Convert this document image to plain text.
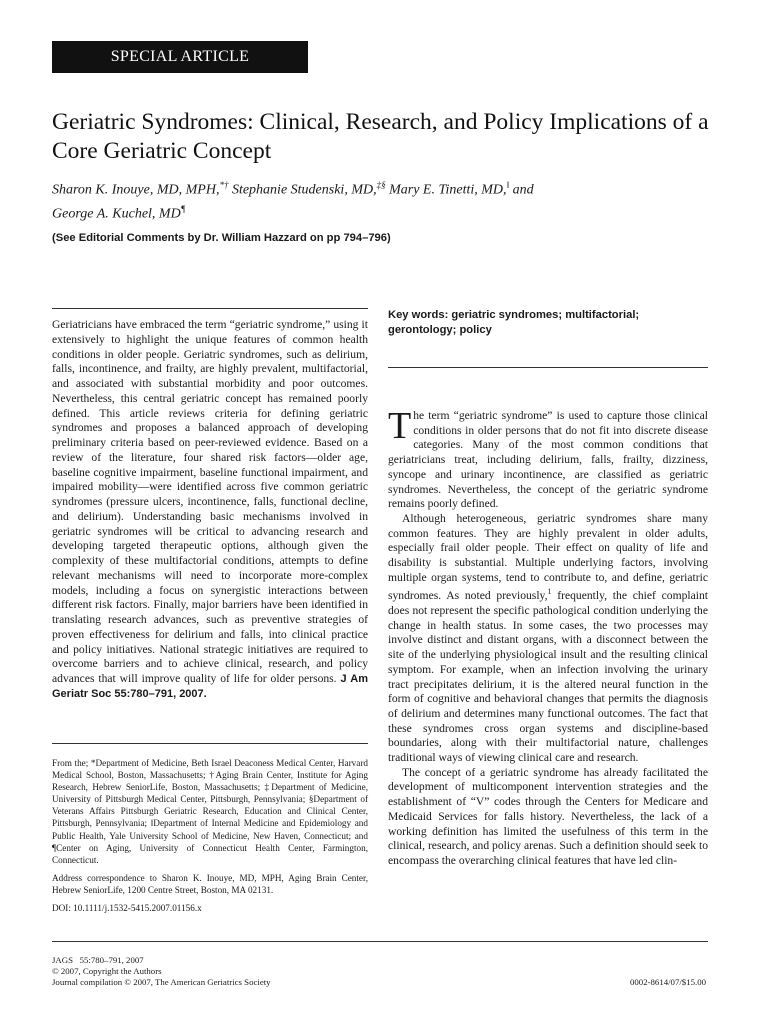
SPECIAL ARTICLE
Geriatric Syndromes: Clinical, Research, and Policy Implications of a Core Geriatric Concept
Sharon K. Inouye, MD, MPH,*† Stephanie Studenski, MD,‡§ Mary E. Tinetti, MD,‖ and
George A. Kuchel, MD¶
(See Editorial Comments by Dr. William Hazzard on pp 794–796)

Geriatricians have embraced the term “geriatric syndrome,” using it extensively to highlight the unique features of common health conditions in older people. Geriatric syndromes, such as delirium, falls, incontinence, and frailty, are highly prevalent, multifactorial, and associated with substantial morbidity and poor outcomes. Nevertheless, this central geriatric concept has remained poorly defined. This article reviews criteria for defining geriatric syndromes and proposes a balanced approach of developing preliminary criteria based on peer-reviewed evidence. Based on a review of the literature, four shared risk factors—older age, baseline cognitive impairment, baseline functional impairment, and impaired mobility—were identified across five common geriatric syndromes (pressure ulcers, incontinence, falls, functional decline, and delirium). Understanding basic mechanisms involved in geriatric syndromes will be critical to advancing research and developing targeted therapeutic options, although given the complexity of these multifactorial conditions, attempts to define relevant mechanisms will need to incorporate more-complex models, including a focus on synergistic interactions between different risk factors. Finally, major barriers have been identified in translating research advances, such as preventive strategies of proven effectiveness for delirium and falls, into clinical practice and policy initiatives. National strategic initiatives are required to overcome barriers and to achieve clinical, research, and policy advances that will improve quality of life for older persons. J Am Geriatr Soc 55:780–791, 2007.

From the; *Department of Medicine, Beth Israel Deaconess Medical Center, Harvard Medical School, Boston, Massachusetts; †Aging Brain Center, Institute for Aging Research, Hebrew SeniorLife, Boston, Massachusetts; ‡Department of Medicine, University of Pittsburgh Medical Center, Pittsburgh, Pennsylvania; §Department of Veterans Affairs Pittsburgh Geriatric Research, Education and Clinical Center, Pittsburgh, Pennsylvania; ‖Department of Internal Medicine and Epidemiology and Public Health, Yale University School of Medicine, New Haven, Connecticut; and ¶Center on Aging, University of Connecticut Health Center, Farmington, Connecticut.

Address correspondence to Sharon K. Inouye, MD, MPH, Aging Brain Center, Hebrew SeniorLife, 1200 Centre Street, Boston, MA 02131.

DOI: 10.1111/j.1532-5415.2007.01156.x

Key words: geriatric syndromes; multifactorial; gerontology; policy

The term “geriatric syndrome” is used to capture those clinical conditions in older persons that do not fit into discrete disease categories. Many of the most common conditions that geriatricians treat, including delirium, falls, frailty, dizziness, syncope and urinary incontinence, are classified as geriatric syndromes. Nevertheless, the concept of the geriatric syndrome remains poorly defined.

Although heterogeneous, geriatric syndromes share many common features. They are highly prevalent in older adults, especially frail older people. Their effect on quality of life and disability is substantial. Multiple underlying factors, involving multiple organ systems, tend to contribute to, and define, geriatric syndromes. As noted previously,$^1$ frequently, the chief complaint does not represent the specific pathological condition underlying the change in health status. In some cases, the two processes may involve distinct and distant organs, with a disconnect between the site of the underlying physiological insult and the resulting clinical symptom. For example, when an infection involving the urinary tract precipitates delirium, it is the altered neural function in the form of cognitive and behavioral changes that permits the diagnosis of delirium and determines many functional outcomes. The fact that these syndromes cross organ systems and discipline-based boundaries, along with their multifactorial nature, challenges traditional ways of viewing clinical care and research.

The concept of a geriatric syndrome has already facilitated the development of multicomponent intervention strategies and the establishment of “V” codes through the Centers for Medicare and Medicaid Services for falls history. Nevertheless, the lack of a working definition has limited the usefulness of this term in the clinical, research, and policy arenas. Such a definition should seek to encompass the overarching clinical features that have led clin-

JAGS   55:780–791, 2007
© 2007, Copyright the Authors
Journal compilation © 2007, The American Geriatrics Society	0002-8614/07/$15.00
